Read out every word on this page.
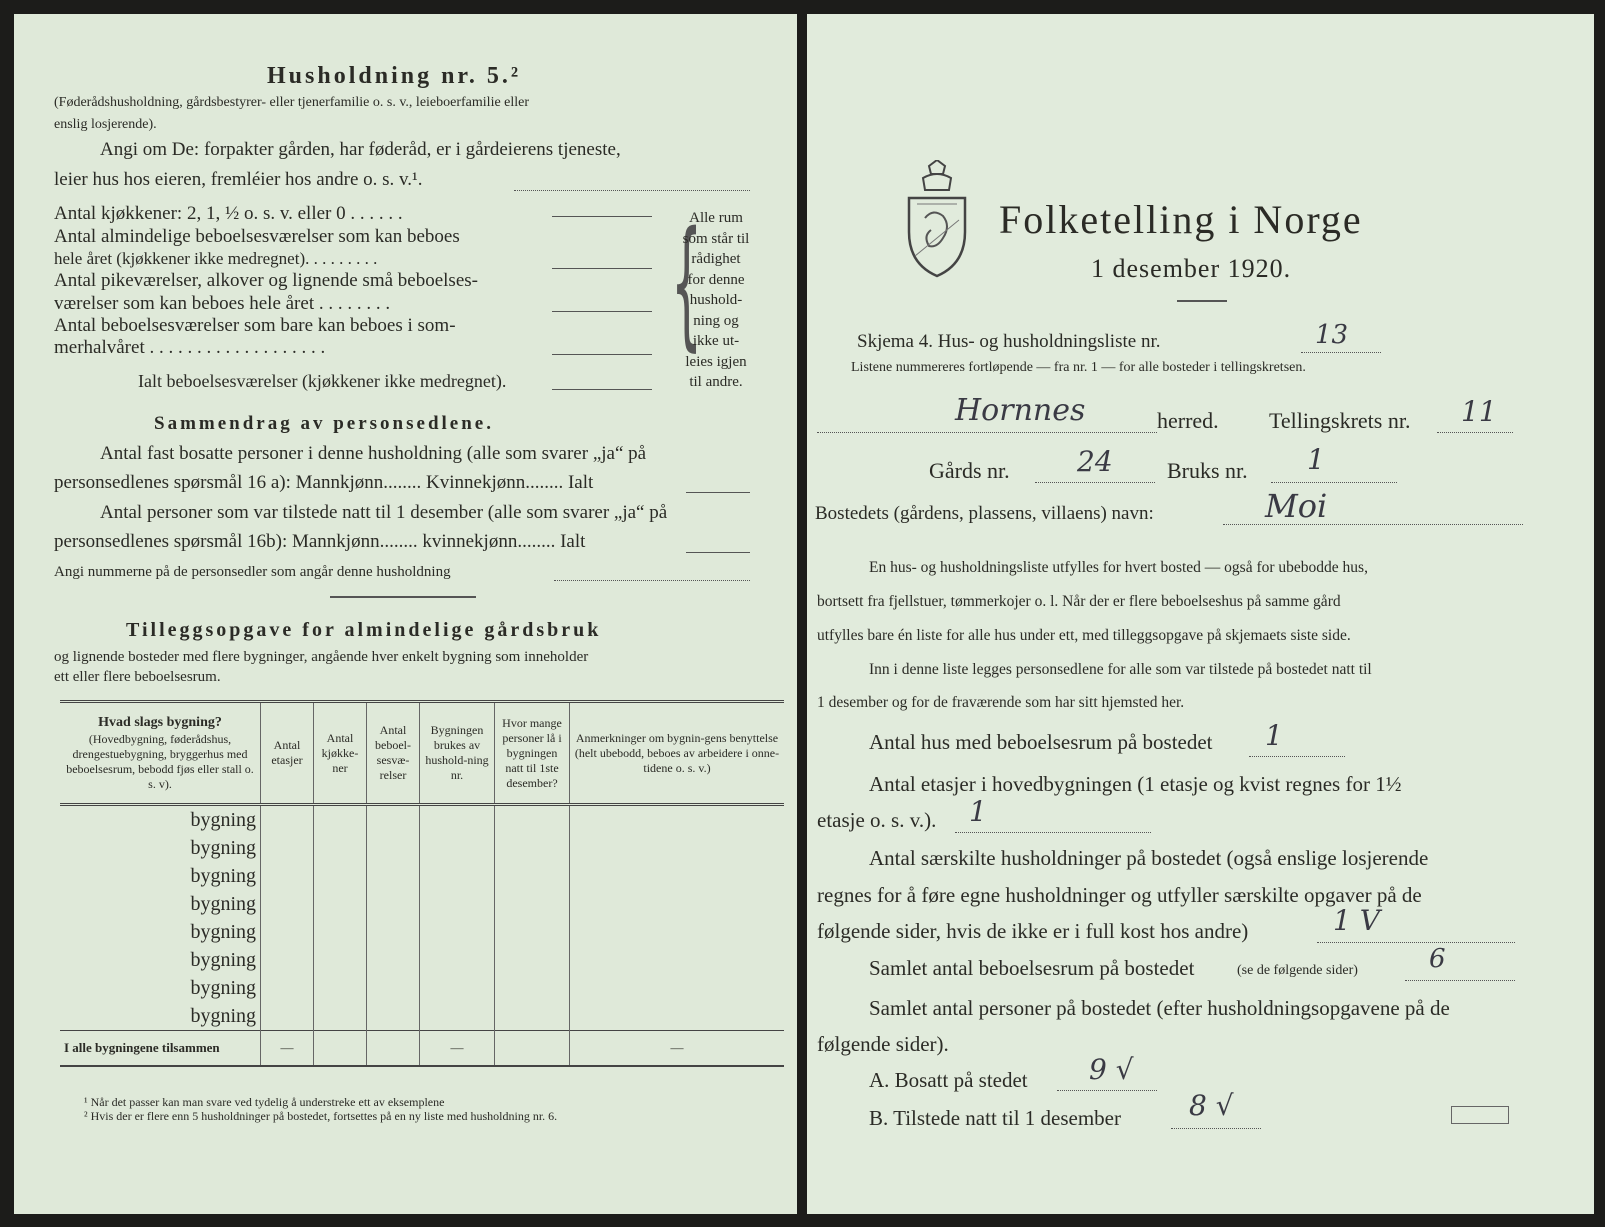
Husholdning nr. 5.²
(Føderådshusholdning, gårdsbestyrer- eller tjenerfamilie o. s. v., leieboerfamilie eller
enslig losjerende).
Angi om De: forpakter gården, har føderåd, er i gårdeierens tjeneste,
leier hus hos eieren, fremléier hos andre o. s. v.¹.
Antal kjøkkener: 2, 1, ½ o. s. v. eller 0 . . . . . .
Antal almindelige beboelsesværelser som kan beboes
hele året (kjøkkener ikke medregnet). . . . . . . . .
Antal pikeværelser, alkover og lignende små beboelses-
værelser som kan beboes hele året . . . . . . . .
Antal beboelsesværelser som bare kan beboes i som-
merhalvåret . . . . . . . . . . . . . . . . . . .
Ialt beboelsesværelser (kjøkkener ikke medregnet).
{
Alle rum
som står til
rådighet
for denne
hushold-
ning og
ikke ut-
leies igjen
til andre.
Sammendrag av personsedlene.
Antal fast bosatte personer i denne husholdning (alle som svarer „ja“ på
personsedlenes spørsmål 16 a): Mannkjønn........ Kvinnekjønn........ Ialt
Antal personer som var tilstede natt til 1 desember (alle som svarer „ja“ på
personsedlenes spørsmål 16b): Mannkjønn........ kvinnekjønn........ Ialt
Angi nummerne på de personsedler som angår denne husholdning
Tilleggsopgave for almindelige gårdsbruk
og lignende bosteder med flere bygninger, angående hver enkelt bygning som inneholder
ett eller flere beboelsesrum.
Hvad slags bygning?
(Hovedbygning, føderådshus, drengestuebygning, bryggerhus med beboelsesrum, bebodd fjøs eller stall o. s. v).	Antal etasjer	Antal kjøkke-ner	Antal beboel-sesvæ-relser	Bygningen brukes av hushold-ning nr.	Hvor mange personer lå i bygningen natt til 1ste desember?	Anmerkninger om bygnin-gens benyttelse (helt ubebodd, beboes av arbeidere i onne-tidene o. s. v.)
bygning						
bygning						
bygning						
bygning						
bygning						
bygning						
bygning						
bygning						
I alle bygningene tilsammen	—			—		—
¹ Når det passer kan man svare ved tydelig å understreke ett av eksemplene
² Hvis der er flere enn 5 husholdninger på bostedet, fortsettes på en ny liste med husholdning nr. 6.
Folketelling i Norge
1 desember 1920.
Skjema 4. Hus- og husholdningsliste nr.	13
Listene nummereres fortløpende — fra nr. 1 — for alle bosteder i tellingskretsen.
Hornnes	herred. Tellingskrets nr. 11
Gårds nr. 24 Bruks nr. 1
Bostedets (gårdens, plassens, villaens) navn:	Moi
En hus- og husholdningsliste utfylles for hvert bosted — også for ubebodde hus,
bortsett fra fjellstuer, tømmerkojer o. l. Når der er flere beboelseshus på samme gård
utfylles bare én liste for alle hus under ett, med tilleggsopgave på skjemaets siste side.
Inn i denne liste legges personsedlene for alle som var tilstede på bostedet natt til
1 desember og for de fraværende som har sitt hjemsted her.
Antal hus med beboelsesrum på bostedet 1
Antal etasjer i hovedbygningen (1 etasje og kvist regnes for 1½
etasje o. s. v.). 1
Antal særskilte husholdninger på bostedet (også enslige losjerende
regnes for å føre egne husholdninger og utfyller særskilte opgaver på de
følgende sider, hvis de ikke er i full kost hos andre)	1 V
Samlet antal beboelsesrum på bostedet	(se de følgende sider)	6
Samlet antal personer på bostedet (efter husholdningsopgavene på de
følgende sider).
A. Bosatt på stedet 9 √
B. Tilstede natt til 1 desember 8 √
